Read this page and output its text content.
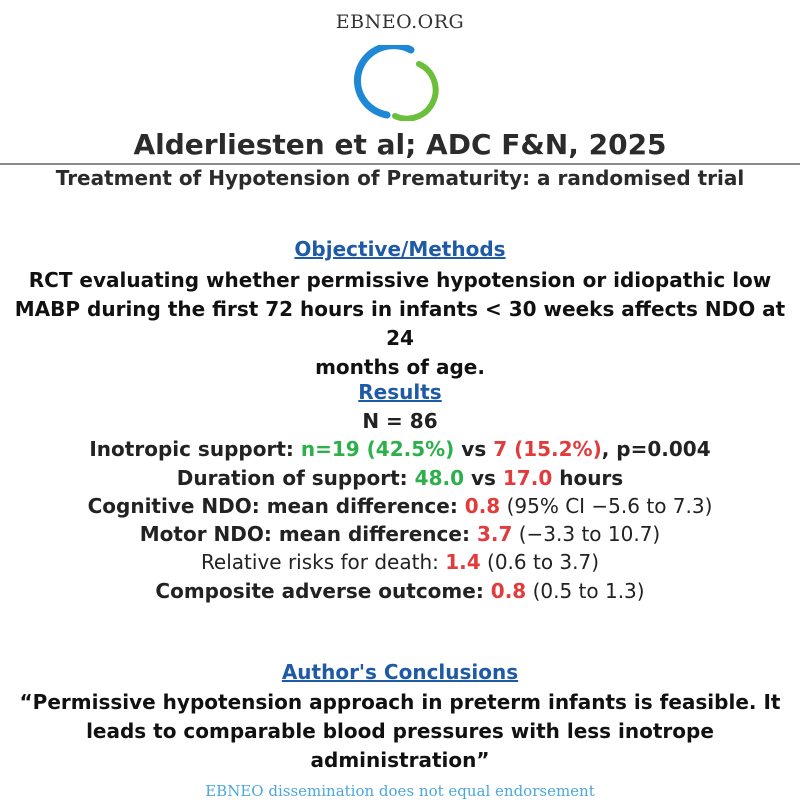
EBNEO.ORG
Alderliesten et al; ADC F&N, 2025
Treatment of Hypotension of Prematurity: a randomised trial
Objective/Methods
RCT evaluating whether permissive hypotension or idiopathic low
MABP during the first 72 hours in infants < 30 weeks affects NDO at 24
months of age.
Results
N = 86
Inotropic support: n=19 (42.5%) vs 7 (15.2%), p=0.004
Duration of support: 48.0 vs 17.0 hours
Cognitive NDO: mean difference: 0.8 (95% CI −5.6 to 7.3)
Motor NDO: mean difference: 3.7 (−3.3 to 10.7)
Relative risks for death: 1.4 (0.6 to 3.7)
Composite adverse outcome: 0.8 (0.5 to 1.3)
Author's Conclusions
“Permissive hypotension approach in preterm infants is feasible. It
leads to comparable blood pressures with less inotrope
administration”
EBNEO dissemination does not equal endorsement
